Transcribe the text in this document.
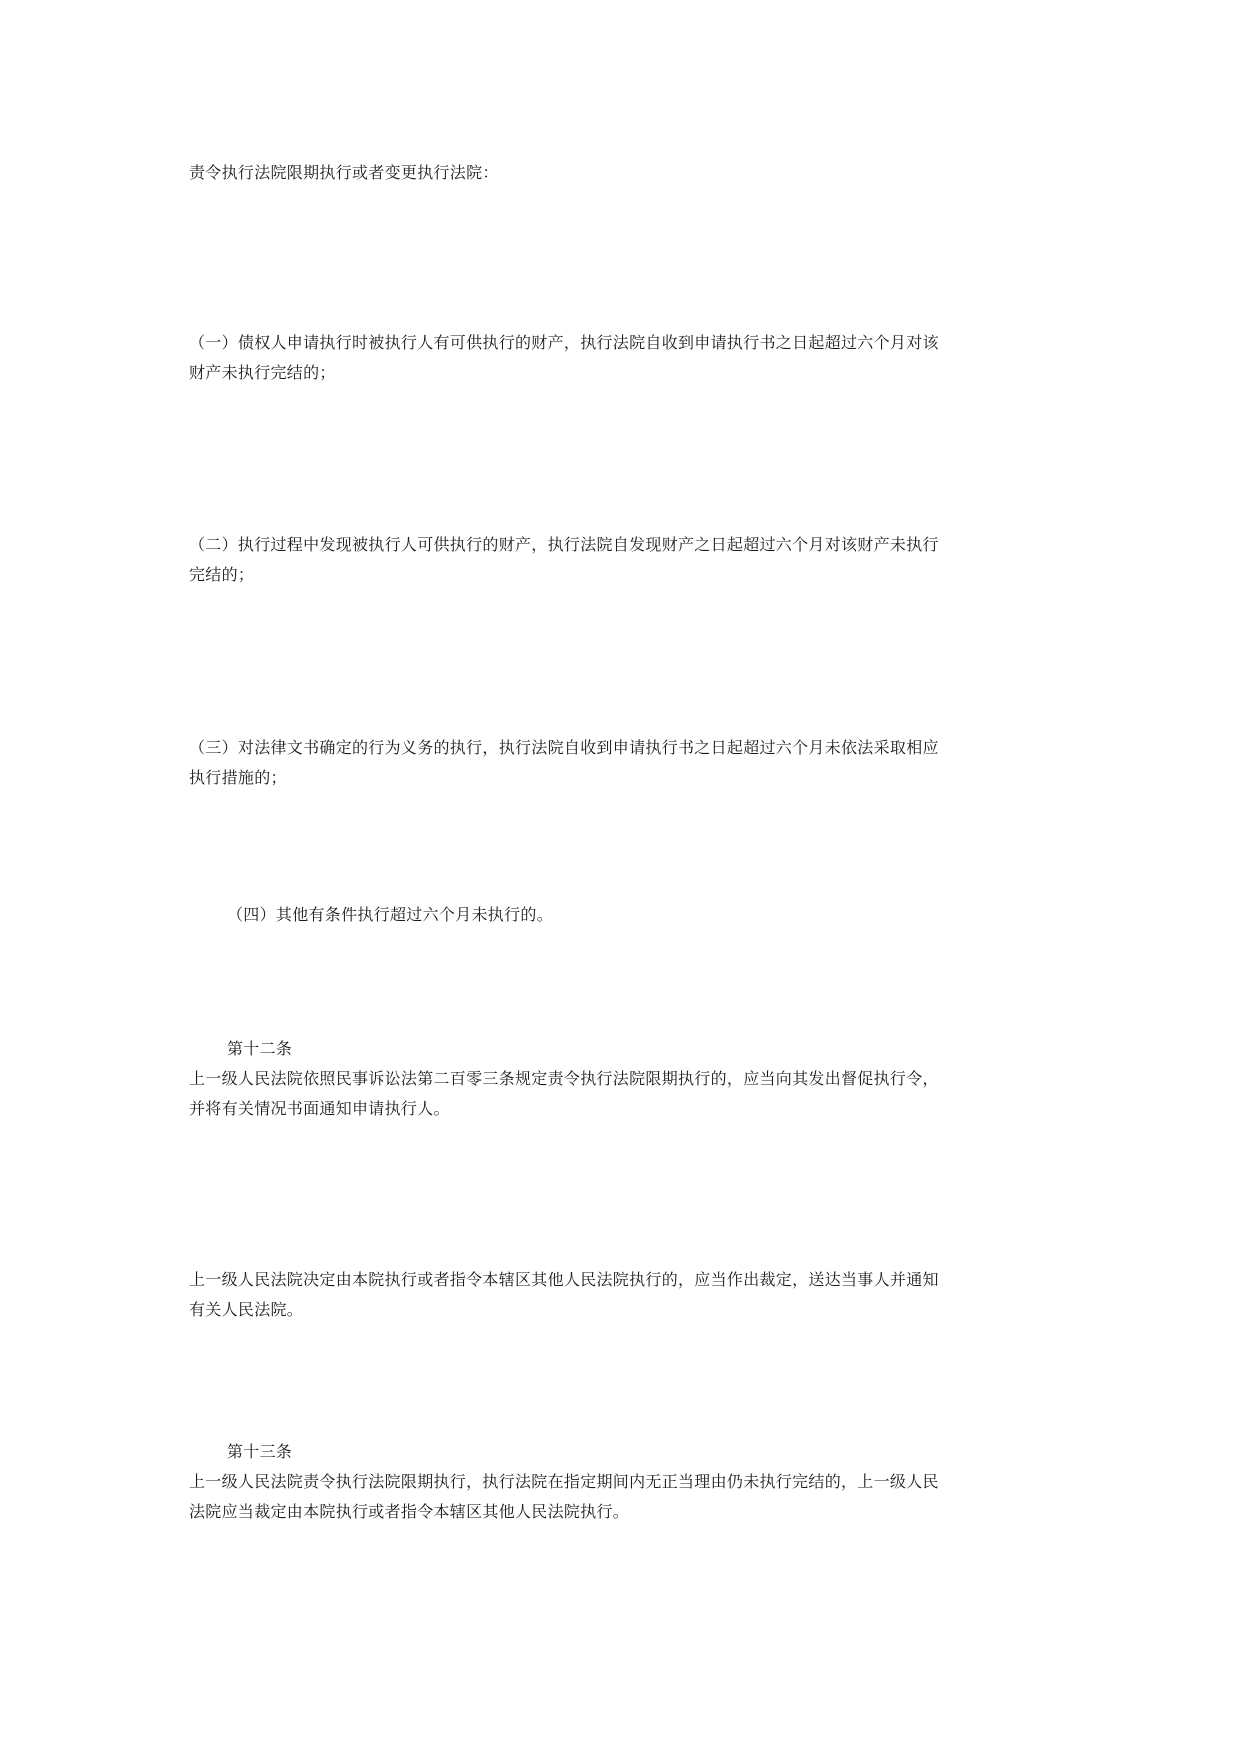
责令执行法院限期执行或者变更执行法院：
（一）债权人申请执行时被执行人有可供执行的财产，执行法院自收到申请执行书之日起超过六个月对该
财产未执行完结的；
（二）执行过程中发现被执行人可供执行的财产，执行法院自发现财产之日起超过六个月对该财产未执行
完结的；
（三）对法律文书确定的行为义务的执行，执行法院自收到申请执行书之日起超过六个月未依法采取相应
执行措施的；
（四）其他有条件执行超过六个月未执行的。
第十二条
上一级人民法院依照民事诉讼法第二百零三条规定责令执行法院限期执行的，应当向其发出督促执行令，
并将有关情况书面通知申请执行人。
上一级人民法院决定由本院执行或者指令本辖区其他人民法院执行的，应当作出裁定，送达当事人并通知
有关人民法院。
第十三条
上一级人民法院责令执行法院限期执行，执行法院在指定期间内无正当理由仍未执行完结的，上一级人民
法院应当裁定由本院执行或者指令本辖区其他人民法院执行。
